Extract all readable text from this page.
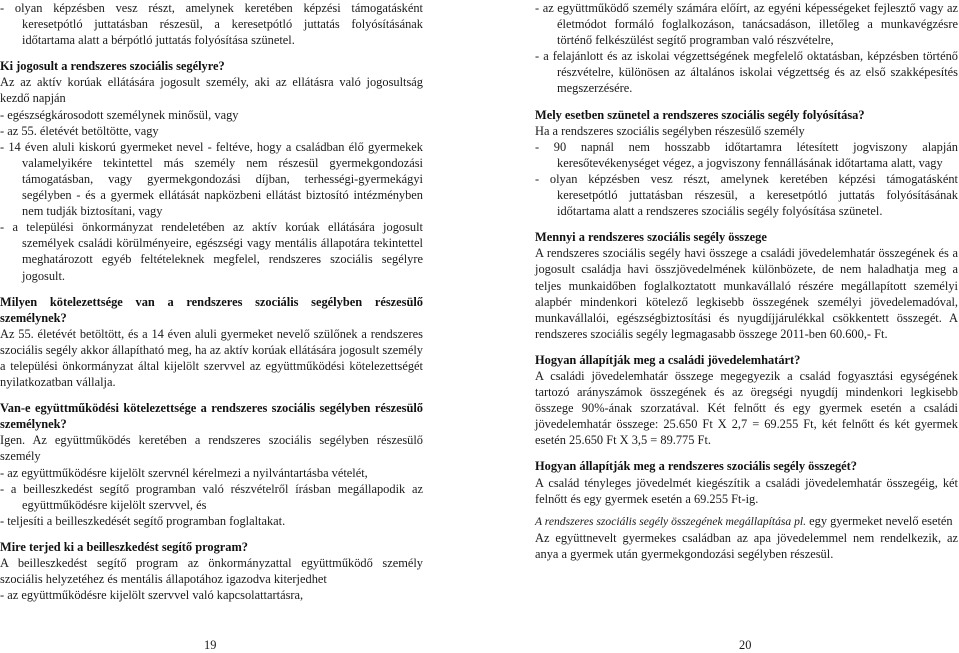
- olyan képzésben vesz részt, amelynek keretében képzési támogatásként keresetpótló juttatásban részesül, a keresetpótló juttatás folyósításának időtartama alatt a bérpótló juttatás folyósítása szünetel.

Ki jogosult a rendszeres szociális segélyre?

Az az aktív korúak ellátására jogosult személy, aki az ellátásra való jogosultság kezdő napján

- egészségkárosodott személynek minősül, vagy

- az 55. életévét betöltötte, vagy

- 14 éven aluli kiskorú gyermeket nevel - feltéve, hogy a családban élő gyermekek valamelyikére tekintettel más személy nem részesül gyermekgondozási támogatásban, vagy gyermekgondozási díjban, terhességi-gyermekágyi segélyben - és a gyermek ellátását napközbeni ellátást biztosító intézményben nem tudják biztosítani, vagy

- a települési önkormányzat rendeletében az aktív korúak ellátására jogosult személyek családi körülményeire, egészségi vagy mentális állapotára tekintettel meghatározott egyéb feltételeknek megfelel, rendszeres szociális segélyre jogosult.

Milyen kötelezettsége van a rendszeres szociális segélyben részesülő személynek?

Az 55. életévét betöltött, és a 14 éven aluli gyermeket nevelő szülőnek a rendszeres szociális segély akkor állapítható meg, ha az aktív korúak ellátására jogosult személy a települési önkormányzat által kijelölt szervvel az együttműködési kötelezettségét nyilatkozatban vállalja.

Van-e együttműködési kötelezettsége a rendszeres szociális segélyben részesülő személynek?

Igen. Az együttműködés keretében a rendszeres szociális segélyben részesülő személy

- az együttműködésre kijelölt szervnél kérelmezi a nyilvántartásba vételét,

- a beilleszkedést segítő programban való részvételről írásban megállapodik az együttműködésre kijelölt szervvel, és

- teljesíti a beilleszkedését segítő programban foglaltakat.

Mire terjed ki a beilleszkedést segítő program?

A beilleszkedést segítő program az önkormányzattal együttműködő személy szociális helyzetéhez és mentális állapotához igazodva kiterjedhet

- az együttműködésre kijelölt szervvel való kapcsolattartásra,

19

- az együttműködő személy számára előírt, az egyéni képességeket fejlesztő vagy az életmódot formáló foglalkozáson, tanácsadáson, illetőleg a munkavégzésre történő felkészülést segítő programban való részvételre,

- a felajánlott és az iskolai végzettségének megfelelő oktatásban, képzésben történő részvételre, különösen az általános iskolai végzettség és az első szakképesítés megszerzésére.

Mely esetben szünetel a rendszeres szociális segély folyósítása?

Ha a rendszeres szociális segélyben részesülő személy

- 90 napnál nem hosszabb időtartamra létesített jogviszony alapján keresőtevékenységet végez, a jogviszony fennállásának időtartama alatt, vagy

- olyan képzésben vesz részt, amelynek keretében képzési támogatásként keresetpótló juttatásban részesül, a keresetpótló juttatás folyósításának időtartama alatt a rendszeres szociális segély folyósítása szünetel.

Mennyi a rendszeres szociális segély összege

A rendszeres szociális segély havi összege a családi jövedelemhatár összegének és a jogosult családja havi összjövedelmének különbözete, de nem haladhatja meg a teljes munkaidőben foglalkoztatott munkavállaló részére megállapított személyi alapbér mindenkori kötelező legkisebb összegének személyi jövedelemadóval, munkavállalói, egészségbiztosítási és nyugdíjjárulékkal csökkentett összegét. A rendszeres szociális segély legmagasabb összege 2011-ben 60.600,- Ft.

Hogyan állapítják meg a családi jövedelemhatárt?

A családi jövedelemhatár összege megegyezik a család fogyasztási egységének tartozó arányszámok összegének és az öregségi nyugdíj mindenkori legkisebb összege 90%-ának szorzatával. Két felnőtt és egy gyermek esetén a családi jövedelemhatár összege: 25.650 Ft X 2,7 = 69.255 Ft, két felnőtt és két gyermek esetén 25.650 Ft X 3,5 = 89.775 Ft.

Hogyan állapítják meg a rendszeres szociális segély összegét?

A család tényleges jövedelmét kiegészítik a családi jövedelemhatár összegéig, két felnőtt és egy gyermek esetén a 69.255 Ft-ig.

A rendszeres szociális segély összegének megállapítása pl. egy gyermeket nevelő esetén

Az együttnevelt gyermekes családban az apa jövedelemmel nem rendelkezik, az anya a gyermek után gyermekgondozási segélyben részesül.

20
